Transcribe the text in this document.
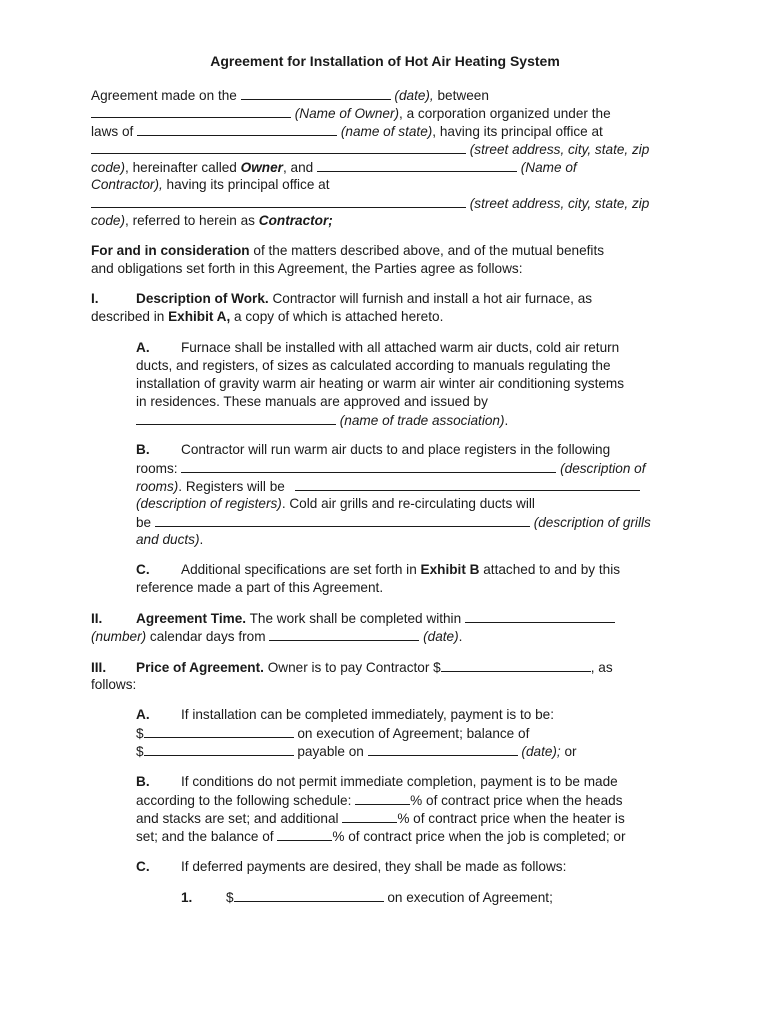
Agreement for Installation of Hot Air Heating System
Agreement made on the	(date), between
(Name of Owner), a corporation organized under the
laws of	(name of state), having its principal office at
(street address, city, state, zip
code), hereinafter called Owner, and	(Name of
Contractor), having its principal office at
(street address, city, state, zip
code), referred to herein as Contractor;
For and in consideration of the matters described above, and of the mutual benefits
and obligations set forth in this Agreement, the Parties agree as follows:
I.	Description of Work. Contractor will furnish and install a hot air furnace, as
described in Exhibit A, a copy of which is attached hereto.
A. Furnace shall be installed with all attached warm air ducts, cold air return
ducts, and registers, of sizes as calculated according to manuals regulating the
installation of gravity warm air heating or warm air winter air conditioning systems
in residences. These manuals are approved and issued by
(name of trade association).
B. Contractor will run warm air ducts to and place registers in the following
rooms:	(description of
rooms). Registers will be
(description of registers). Cold air grills and re-circulating ducts will
be	(description of grills
and ducts).
C. Additional specifications are set forth in Exhibit B attached to and by this
reference made a part of this Agreement.
II. Agreement Time. The work shall be completed within
(number) calendar days from	(date).
III. Price of Agreement. Owner is to pay Contractor $	, as
follows:
A. If installation can be completed immediately, payment is to be:
$	on execution of Agreement; balance of
$	payable on	(date); or
B. If conditions do not permit immediate completion, payment is to be made
according to the following schedule:	% of contract price when the heads
and stacks are set; and additional	% of contract price when the heater is
set; and the balance of	% of contract price when the job is completed; or
C. If deferred payments are desired, they shall be made as follows:
1. $	on execution of Agreement;
